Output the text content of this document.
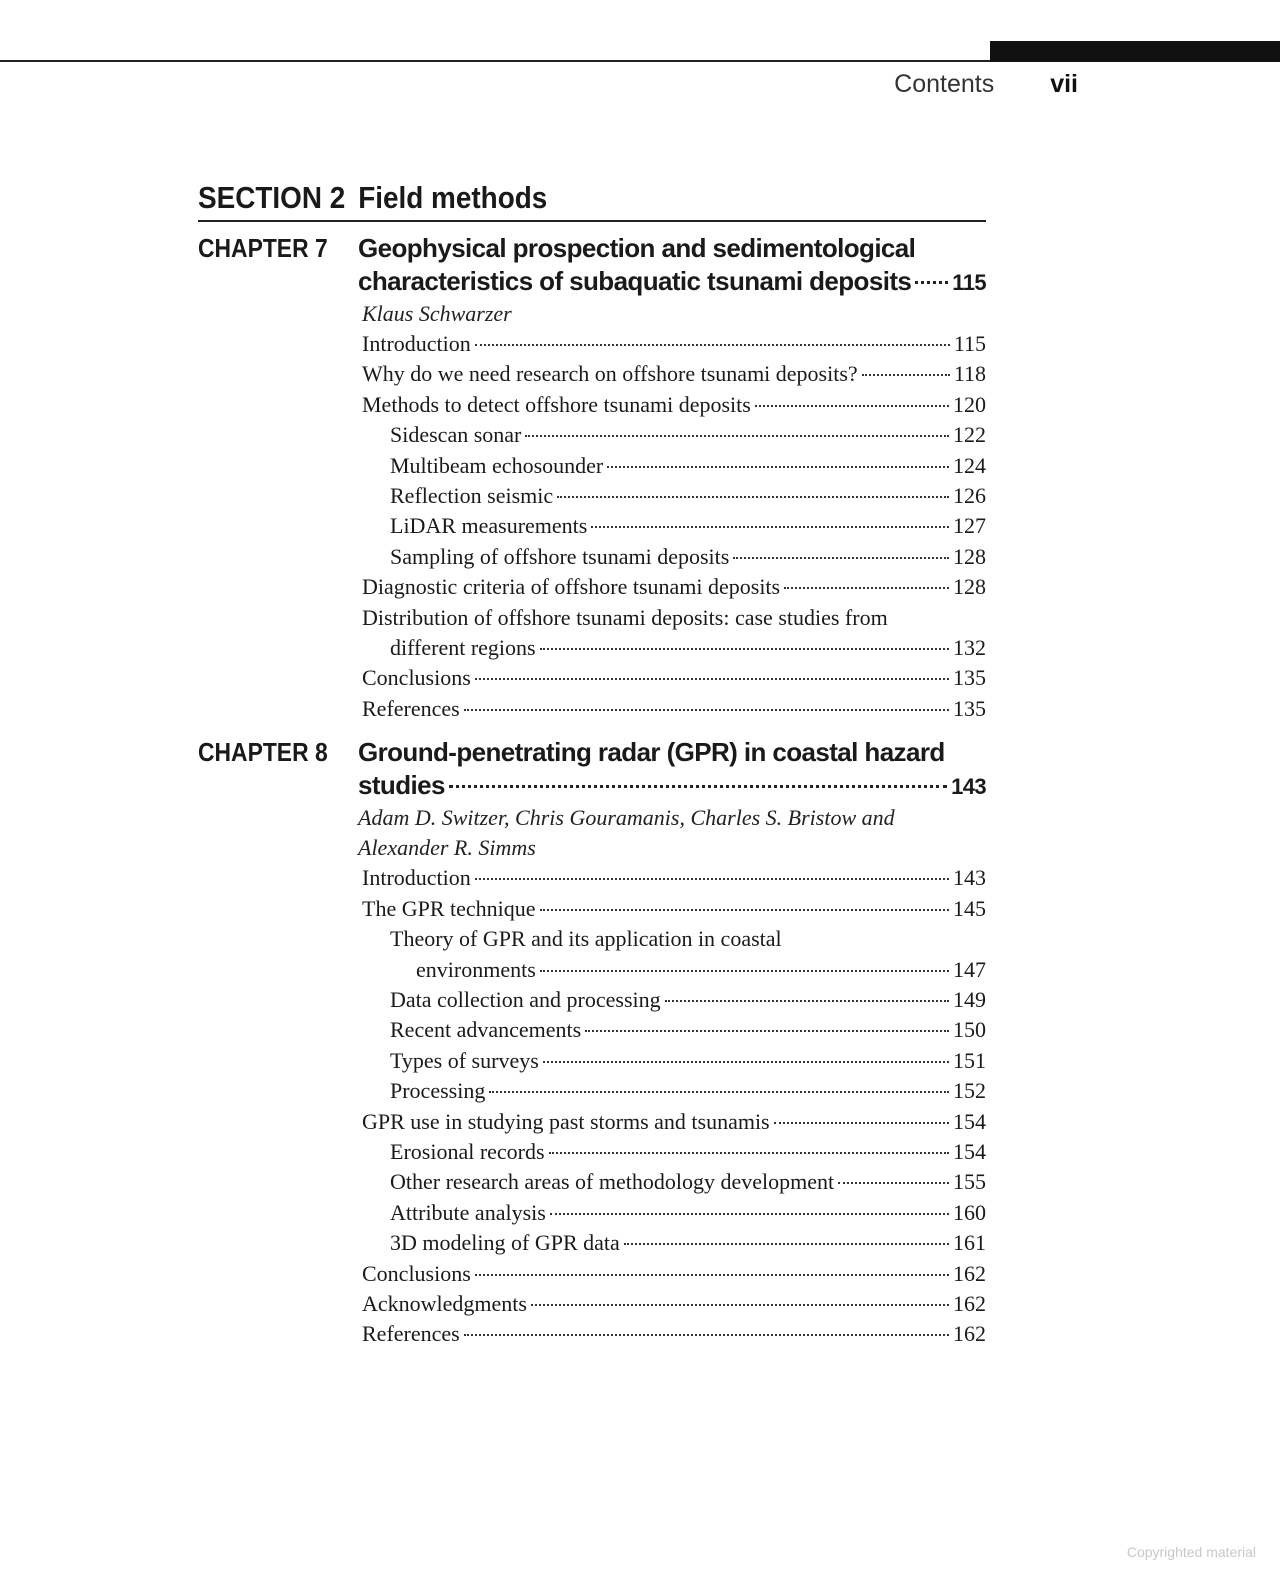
Contents vii
SECTION 2 Field methods
CHAPTER 7	Geophysical prospection and sedimentological
characteristics of subaquatic tsunami deposits 115
Klaus Schwarzer
Introduction	115
Why do we need research on offshore tsunami deposits?	118
Methods to detect offshore tsunami deposits	120
Sidescan sonar	122
Multibeam echosounder	124
Reflection seismic	126
LiDAR measurements	127
Sampling of offshore tsunami deposits	128
Diagnostic criteria of offshore tsunami deposits	128
Distribution of offshore tsunami deposits: case studies from
different regions	132
Conclusions	135
References	135
CHAPTER 8	Ground-penetrating radar (GPR) in coastal hazard
studies	143
Adam D. Switzer, Chris Gouramanis, Charles S. Bristow and
Alexander R. Simms
Introduction	143
The GPR technique	145
Theory of GPR and its application in coastal
environments	147
Data collection and processing	149
Recent advancements	150
Types of surveys	151
Processing	152
GPR use in studying past storms and tsunamis	154
Erosional records	154
Other research areas of methodology development	155
Attribute analysis	160
3D modeling of GPR data	161
Conclusions	162
Acknowledgments	162
References	162
Copyrighted material
